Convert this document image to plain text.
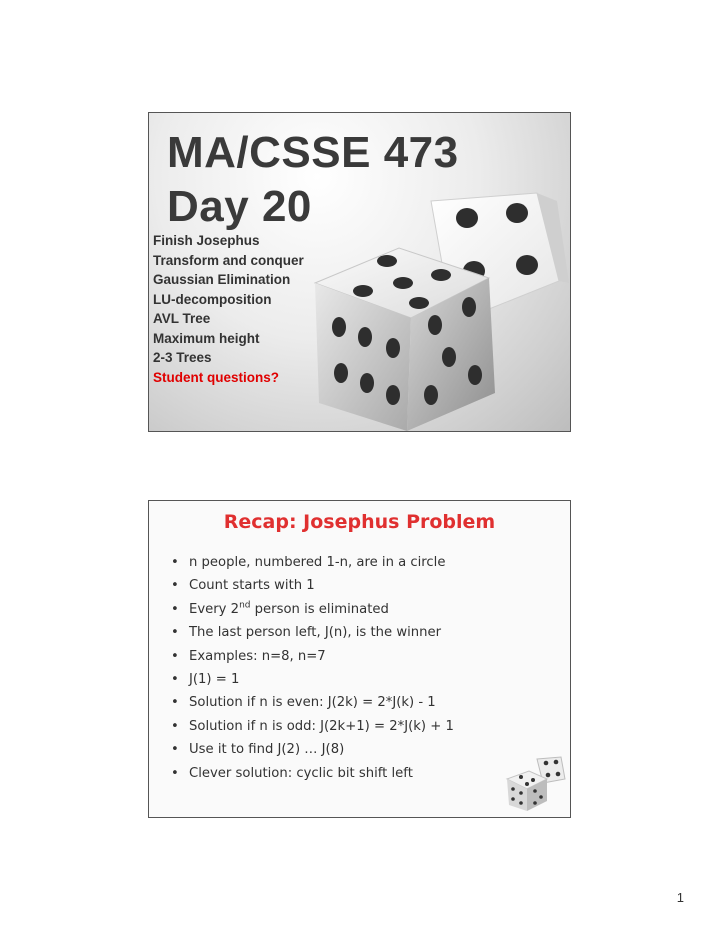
MA/CSSE 473
Day 20
Finish Josephus
Transform and conquer
Gaussian Elimination
LU-decomposition
AVL Tree
Maximum height
2-3 Trees
Student questions?
Recap: Josephus Problem
• n people, numbered 1-n, are in a circle
• Count starts with 1
• Every 2nd person is eliminated
• The last person left, J(n), is the winner
• Examples: n=8, n=7
• J(1) = 1
• Solution if n is even: J(2k) = 2*J(k) - 1
• Solution if n is odd: J(2k+1) = 2*J(k) + 1
• Use it to find J(2) … J(8)
• Clever solution: cyclic bit shift left
1
